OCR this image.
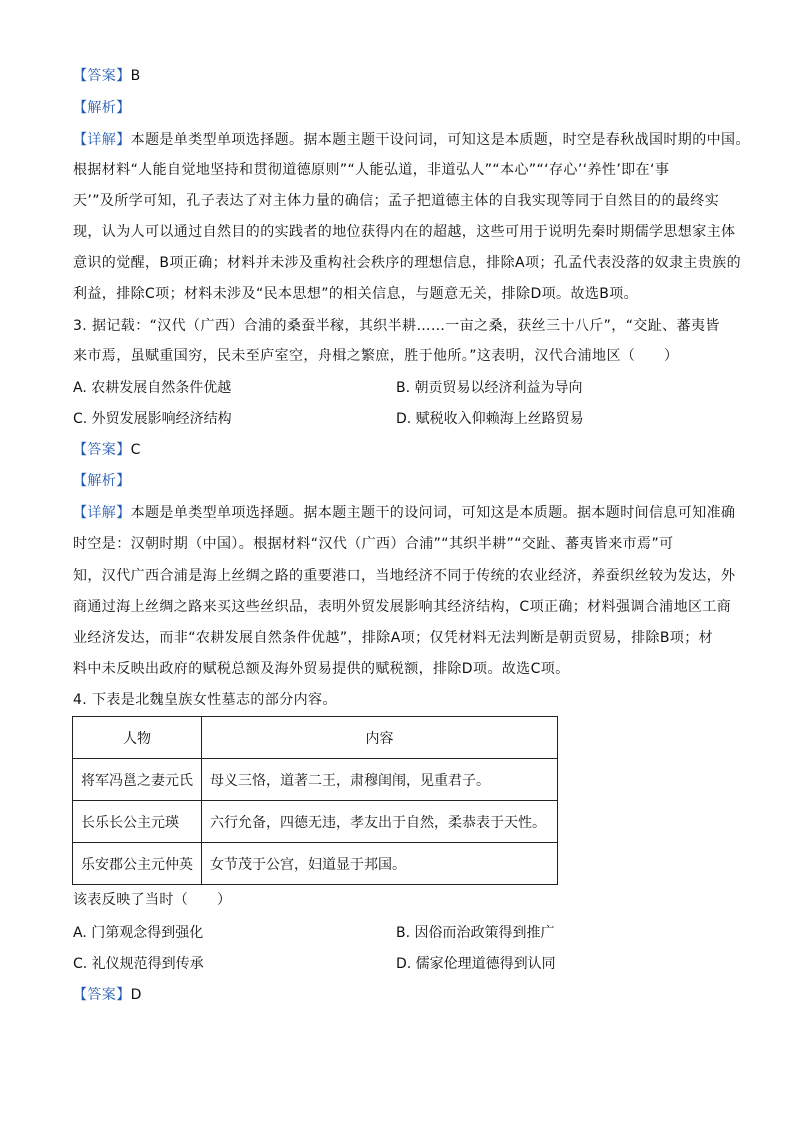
【答案】B
【解析】
【详解】本题是单类型单项选择题。据本题主题干设问词，可知这是本质题，时空是春秋战国时期的中国。
根据材料“人能自觉地坚持和贯彻道德原则”“人能弘道，非道弘人”“本心”“‘存心’‘养性’即在‘事
天’”及所学可知，孔子表达了对主体力量的确信；孟子把道德主体的自我实现等同于自然目的的最终实
现，认为人可以通过自然目的的实践者的地位获得内在的超越，这些可用于说明先秦时期儒学思想家主体
意识的觉醒，B项正确；材料并未涉及重构社会秩序的理想信息，排除A项；孔孟代表没落的奴隶主贵族的
利益，排除C项；材料未涉及“民本思想”的相关信息，与题意无关，排除D项。故选B项。
3. 据记载：“汉代（广西）合浦的桑蚕半稼，其织半耕……一亩之桑，获丝三十八斤”，“交趾、蕃夷皆
来市焉，虽赋重国穷，民未至庐室空，舟楫之繁庶，胜于他所。”这表明，汉代合浦地区（　　）
A. 农耕发展自然条件优越	B. 朝贡贸易以经济利益为导向
C. 外贸发展影响经济结构	D. 赋税收入仰赖海上丝路贸易
【答案】C
【解析】
【详解】本题是单类型单项选择题。据本题主题干的设问词，可知这是本质题。据本题时间信息可知准确
时空是：汉朝时期（中国）。根据材料“汉代（广西）合浦”“其织半耕”“交趾、蕃夷皆来市焉”可
知，汉代广西合浦是海上丝绸之路的重要港口，当地经济不同于传统的农业经济，养蚕织丝较为发达，外
商通过海上丝绸之路来买这些丝织品，表明外贸发展影响其经济结构，C项正确；材料强调合浦地区工商
业经济发达，而非“农耕发展自然条件优越”，排除A项；仅凭材料无法判断是朝贡贸易，排除B项；材
料中未反映出政府的赋税总额及海外贸易提供的赋税额，排除D项。故选C项。
4. 下表是北魏皇族女性墓志的部分内容。
人物	内容
将军冯邕之妻元氏	母义三恪，道著二王，肃穆闺闱，见重君子。
长乐长公主元瑛	六行允备，四德无违，孝友出于自然，柔恭表于天性。
乐安郡公主元仲英	女节茂于公宫，妇道显于邦国。
该表反映了当时（　　）
A. 门第观念得到强化	B. 因俗而治政策得到推广
C. 礼仪规范得到传承	D. 儒家伦理道德得到认同
【答案】D
